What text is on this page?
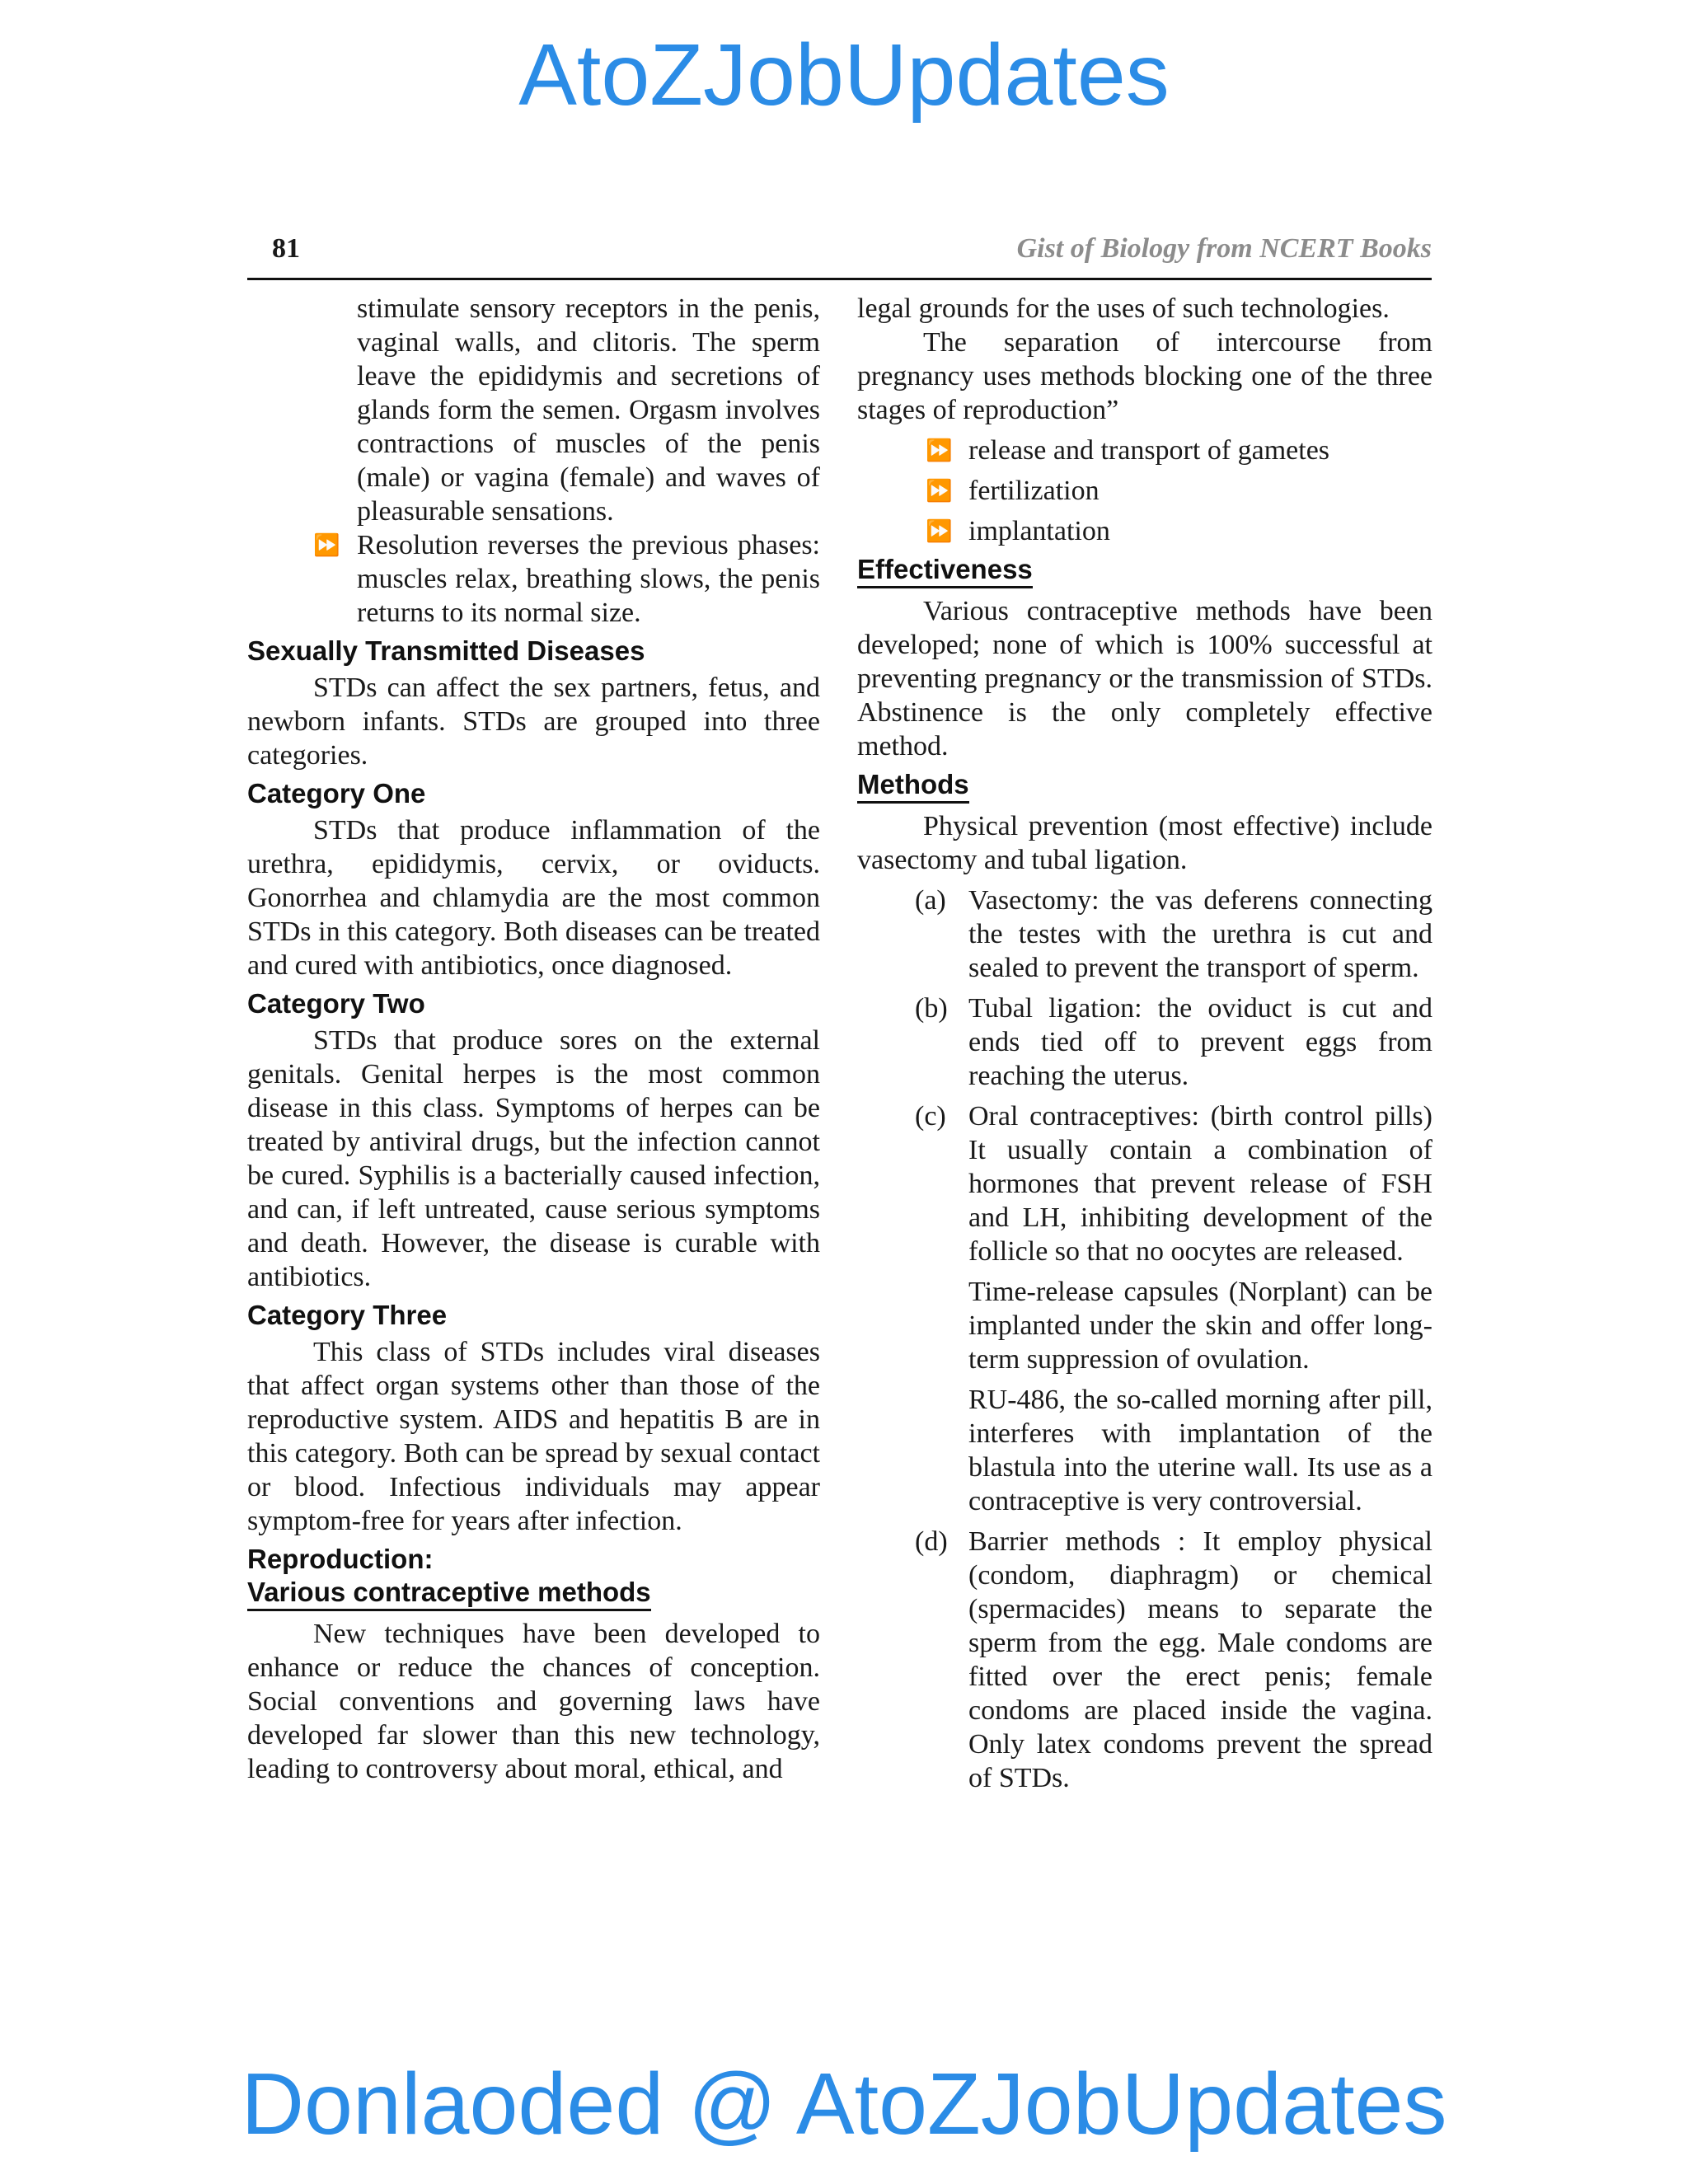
AtoZJobUpdates
81	Gist of Biology from NCERT Books

stimulate sensory receptors in the penis, vaginal walls, and clitoris. The sperm leave the epididymis and secretions of glands form the semen. Orgasm involves contractions of muscles of the penis (male) or vagina (female) and waves of pleasurable sensations.

⏩ Resolution reverses the previous phases: muscles relax, breathing slows, the penis returns to its normal size.

Sexually Transmitted Diseases

STDs can affect the sex partners, fetus, and newborn infants. STDs are grouped into three categories.

Category One

STDs that produce inflammation of the urethra, epididymis, cervix, or oviducts. Gonorrhea and chlamydia are the most common STDs in this category. Both diseases can be treated and cured with antibiotics, once diagnosed.

Category Two

STDs that produce sores on the external genitals. Genital herpes is the most common disease in this class. Symptoms of herpes can be treated by antiviral drugs, but the infection cannot be cured. Syphilis is a bacterially caused infection, and can, if left untreated, cause serious symptoms and death. However, the disease is curable with antibiotics.

Category Three

This class of STDs includes viral diseases that affect organ systems other than those of the reproductive system. AIDS and hepatitis B are in this category. Both can be spread by sexual contact or blood. Infectious individuals may appear symptom-free for years after infection.

Reproduction:
Various contraceptive methods

New techniques have been developed to enhance or reduce the chances of conception. Social conventions and governing laws have developed far slower than this new technology, leading to controversy about moral, ethical, and

legal grounds for the uses of such technologies.

The separation of intercourse from pregnancy uses methods blocking one of the three stages of reproduction”

⏩ release and transport of gametes
⏩ fertilization
⏩ implantation
Effectiveness

Various contraceptive methods have been developed; none of which is 100% successful at preventing pregnancy or the transmission of STDs. Abstinence is the only completely effective method.

Methods

Physical prevention (most effective) include vasectomy and tubal ligation.

(a) Vasectomy: the vas deferens connecting the testes with the urethra is cut and sealed to prevent the transport of sperm.

(b) Tubal ligation: the oviduct is cut and ends tied off to prevent eggs from reaching the uterus.

(c) Oral contraceptives: (birth control pills) It usually contain a combination of hormones that prevent release of FSH and LH, inhibiting development of the follicle so that no oocytes are released.

Time-release capsules (Norplant) can be implanted under the skin and offer long-term suppression of ovulation.

RU-486, the so-called morning after pill, interferes with implantation of the blastula into the uterine wall. Its use as a contraceptive is very controversial.

(d) Barrier methods : It employ physical (condom, diaphragm) or chemical (spermacides) means to separate the sperm from the egg. Male condoms are fitted over the erect penis; female condoms are placed inside the vagina. Only latex condoms prevent the spread of STDs.

Donlaoded @ AtoZJobUpdates
